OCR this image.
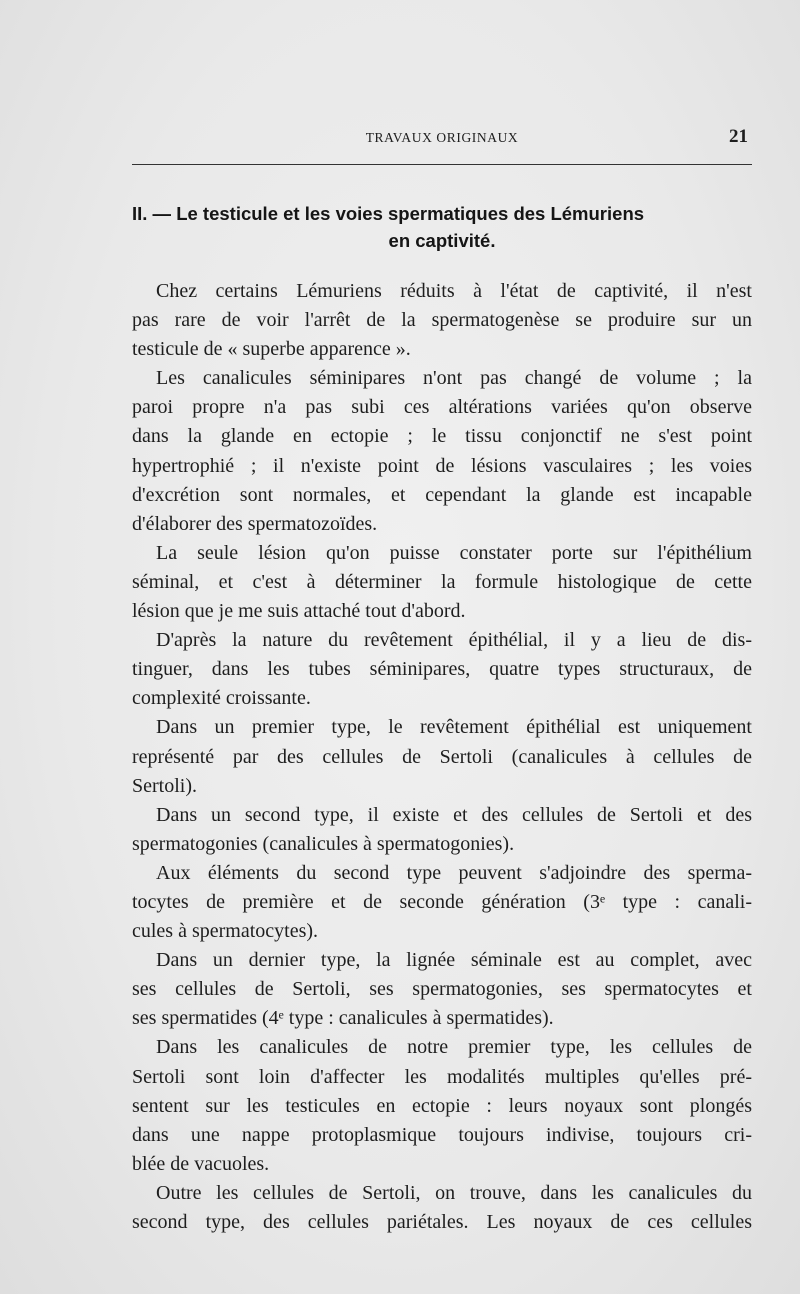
TRAVAUX ORIGINAUX	21
II. — Le testicule et les voies spermatiques des Lémuriens
en captivité.
Chez certains Lémuriens réduits à l'état de captivité, il n'est
pas rare de voir l'arrêt de la spermatogenèse se produire sur un
testicule de « superbe apparence ».
Les canalicules séminipares n'ont pas changé de volume ; la
paroi propre n'a pas subi ces altérations variées qu'on observe
dans la glande en ectopie ; le tissu conjonctif ne s'est point
hypertrophié ; il n'existe point de lésions vasculaires ; les voies
d'excrétion sont normales, et cependant la glande est incapable
d'élaborer des spermatozoïdes.
La seule lésion qu'on puisse constater porte sur l'épithélium
séminal, et c'est à déterminer la formule histologique de cette
lésion que je me suis attaché tout d'abord.
D'après la nature du revêtement épithélial, il y a lieu de dis-
tinguer, dans les tubes séminipares, quatre types structuraux, de
complexité croissante.
Dans un premier type, le revêtement épithélial est uniquement
représenté par des cellules de Sertoli (canalicules à cellules de
Sertoli).
Dans un second type, il existe et des cellules de Sertoli et des
spermatogonies (canalicules à spermatogonies).
Aux éléments du second type peuvent s'adjoindre des sperma-
tocytes de première et de seconde génération (3ᵉ type : canali-
cules à spermatocytes).
Dans un dernier type, la lignée séminale est au complet, avec
ses cellules de Sertoli, ses spermatogonies, ses spermatocytes et
ses spermatides (4ᵉ type : canalicules à spermatides).
Dans les canalicules de notre premier type, les cellules de
Sertoli sont loin d'affecter les modalités multiples qu'elles pré-
sentent sur les testicules en ectopie : leurs noyaux sont plongés
dans une nappe protoplasmique toujours indivise, toujours cri-
blée de vacuoles.
Outre les cellules de Sertoli, on trouve, dans les canalicules du
second type, des cellules pariétales. Les noyaux de ces cellules
